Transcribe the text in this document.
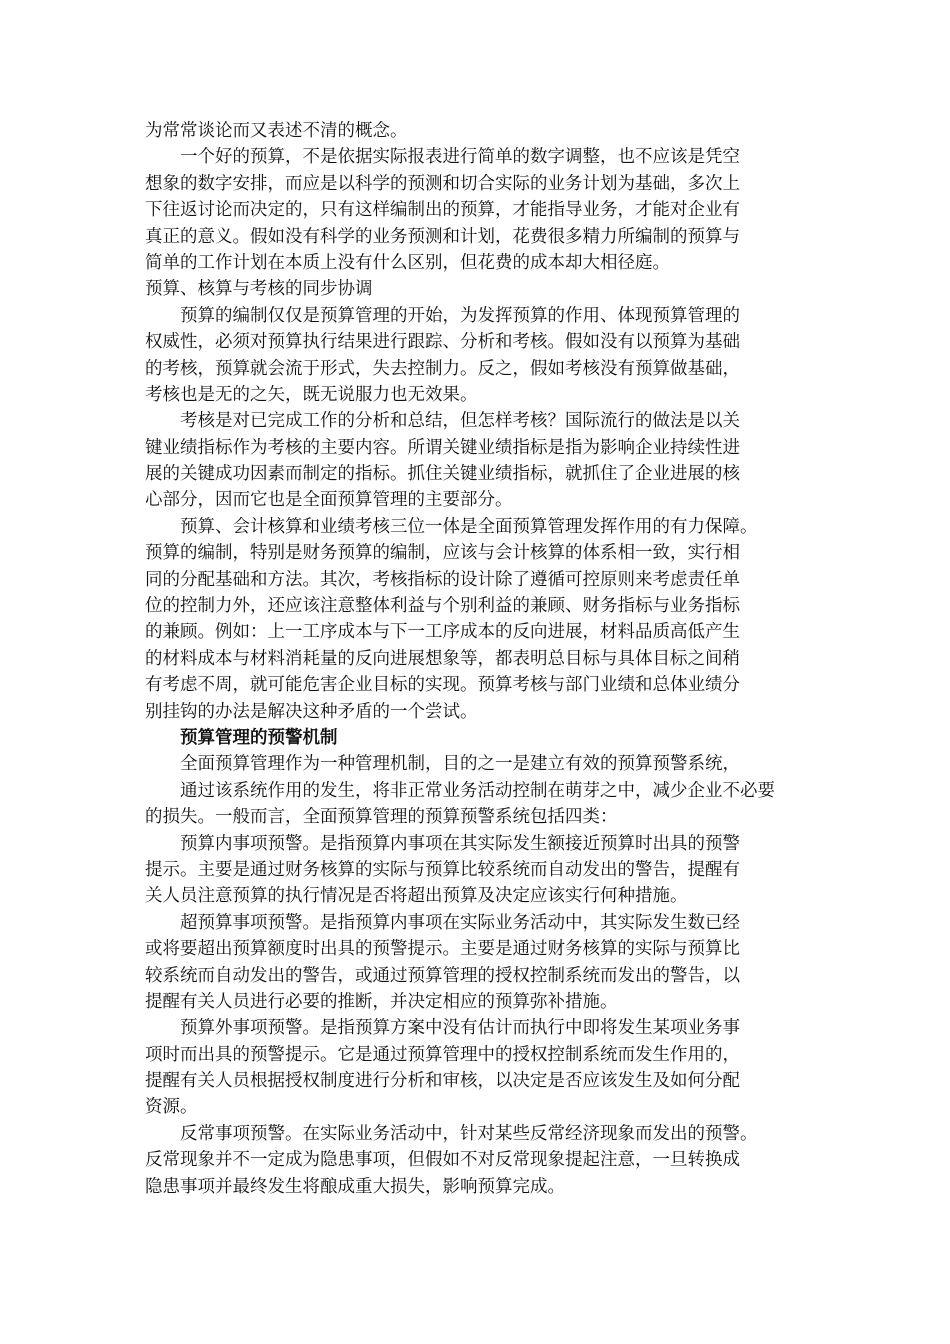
为常常谈论而又表述不清的概念。
一个好的预算，不是依据实际报表进行简单的数字调整，也不应该是凭空
想象的数字安排，而应是以科学的预测和切合实际的业务计划为基础，多次上
下往返讨论而决定的，只有这样编制出的预算，才能指导业务，才能对企业有
真正的意义。假如没有科学的业务预测和计划，花费很多精力所编制的预算与
简单的工作计划在本质上没有什么区别，但花费的成本却大相径庭。
预算、核算与考核的同步协调
预算的编制仅仅是预算管理的开始，为发挥预算的作用、体现预算管理的
权威性，必须对预算执行结果进行跟踪、分析和考核。假如没有以预算为基础
的考核，预算就会流于形式，失去控制力。反之，假如考核没有预算做基础，
考核也是无的之矢，既无说服力也无效果。
考核是对已完成工作的分析和总结，但怎样考核？国际流行的做法是以关
键业绩指标作为考核的主要内容。所谓关键业绩指标是指为影响企业持续性进
展的关键成功因素而制定的指标。抓住关键业绩指标，就抓住了企业进展的核
心部分，因而它也是全面预算管理的主要部分。
预算、会计核算和业绩考核三位一体是全面预算管理发挥作用的有力保障。
预算的编制，特别是财务预算的编制，应该与会计核算的体系相一致，实行相
同的分配基础和方法。其次，考核指标的设计除了遵循可控原则来考虑责任单
位的控制力外，还应该注意整体利益与个别利益的兼顾、财务指标与业务指标
的兼顾。例如：上一工序成本与下一工序成本的反向进展，材料品质高低产生
的材料成本与材料消耗量的反向进展想象等，都表明总目标与具体目标之间稍
有考虑不周，就可能危害企业目标的实现。预算考核与部门业绩和总体业绩分
别挂钩的办法是解决这种矛盾的一个尝试。
预算管理的预警机制
全面预算管理作为一种管理机制，目的之一是建立有效的预算预警系统，
通过该系统作用的发生，将非正常业务活动控制在萌芽之中，减少企业不必要
的损失。一般而言，全面预算管理的预算预警系统包括四类：
预算内事项预警。是指预算内事项在其实际发生额接近预算时出具的预警
提示。主要是通过财务核算的实际与预算比较系统而自动发出的警告，提醒有
关人员注意预算的执行情况是否将超出预算及决定应该实行何种措施。
超预算事项预警。是指预算内事项在实际业务活动中，其实际发生数已经
或将要超出预算额度时出具的预警提示。主要是通过财务核算的实际与预算比
较系统而自动发出的警告，或通过预算管理的授权控制系统而发出的警告，以
提醒有关人员进行必要的推断，并决定相应的预算弥补措施。
预算外事项预警。是指预算方案中没有估计而执行中即将发生某项业务事
项时而出具的预警提示。它是通过预算管理中的授权控制系统而发生作用的，
提醒有关人员根据授权制度进行分析和审核，以决定是否应该发生及如何分配
资源。
反常事项预警。在实际业务活动中，针对某些反常经济现象而发出的预警。
反常现象并不一定成为隐患事项，但假如不对反常现象提起注意，一旦转换成
隐患事项并最终发生将酿成重大损失，影响预算完成。
